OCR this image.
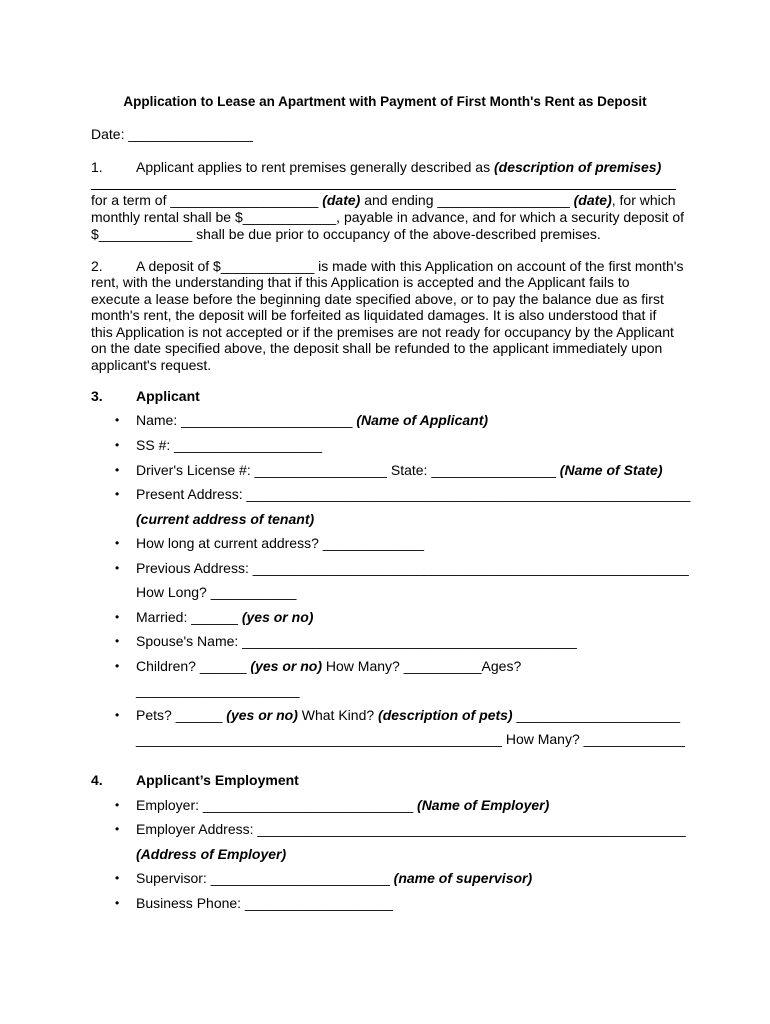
Application to Lease an Apartment with Payment of First Month's Rent as Deposit
Date: ________________
1. Applicant applies to rent premises generally described as (description of premises)
for a term of ___________________ (date) and ending _________________ (date), for which
monthly rental shall be $____________, payable in advance, and for which a security deposit of
$____________ shall be due prior to occupancy of the above-described premises.
2. A deposit of $____________ is made with this Application on account of the first month's
rent, with the understanding that if this Application is accepted and the Applicant fails to execute a lease before the beginning date specified above, or to pay the balance due as first month's rent, the deposit will be forfeited as liquidated damages. It is also understood that if this Application is not accepted or if the premises are not ready for occupancy by the Applicant on the date specified above, the deposit shall be refunded to the applicant immediately upon applicant's request.
3. Applicant
• Name: ______________________ (Name of Applicant)
• SS #: ___________________
• Driver's License #: _________________ State: ________________ (Name of State)
• Present Address: _________________________________________________________
(current address of tenant)
• How long at current address? _____________
• Previous Address: ________________________________________________________
How Long? ___________
• Married: ______ (yes or no)
• Spouse's Name: ___________________________________________
• Children? ______ (yes or no) How Many? __________Ages?
_____________________
• Pets? ______ (yes or no) What Kind? (description of pets) _____________________
_______________________________________________ How Many? _____________
4. Applicant’s Employment
• Employer: ___________________________ (Name of Employer)
• Employer Address: _______________________________________________________
(Address of Employer)
• Supervisor: _______________________ (name of supervisor)
• Business Phone: ___________________
